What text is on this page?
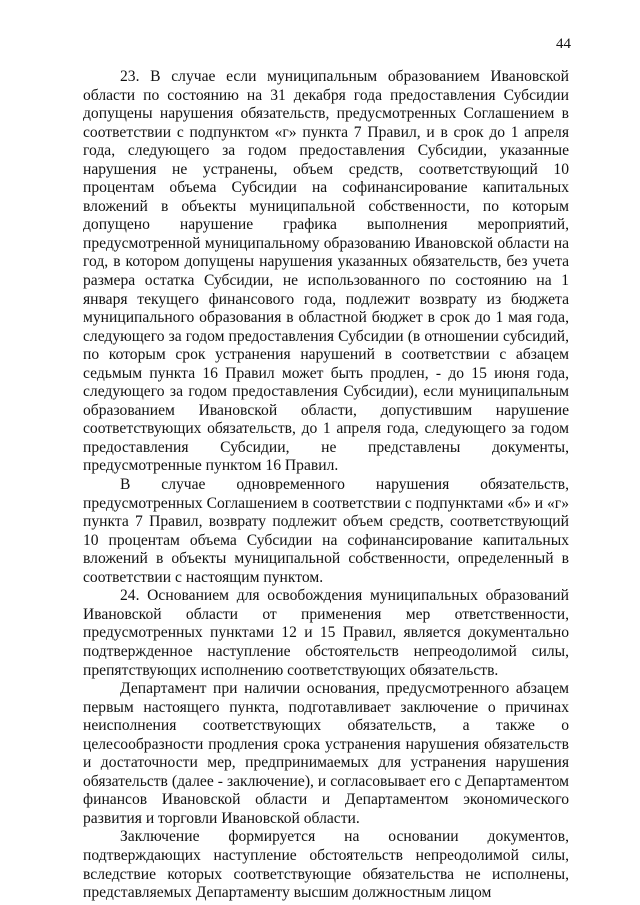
44

23. В случае если муниципальным образованием Ивановской области по состоянию на 31 декабря года предоставления Субсидии допущены нарушения обязательств, предусмотренных Соглашением в соответствии с подпунктом «г» пункта 7 Правил, и в срок до 1 апреля года, следующего за годом предоставления Субсидии, указанные нарушения не устранены, объем средств, соответствующий 10 процентам объема Субсидии на софинансирование капитальных вложений в объекты муниципальной собственности, по которым допущено нарушение графика выполнения мероприятий, предусмотренной муниципальному образованию Ивановской области на год, в котором допущены нарушения указанных обязательств, без учета размера остатка Субсидии, не использованного по состоянию на 1 января текущего финансового года, подлежит возврату из бюджета муниципального образования в областной бюджет в срок до 1 мая года, следующего за годом предоставления Субсидии (в отношении субсидий, по которым срок устранения нарушений в соответствии с абзацем седьмым пункта 16 Правил может быть продлен, - до 15 июня года, следующего за годом предоставления Субсидии), если муниципальным образованием Ивановской области, допустившим нарушение соответствующих обязательств, до 1 апреля года, следующего за годом предоставления Субсидии, не представлены документы, предусмотренные пунктом 16 Правил.

В случае одновременного нарушения обязательств, предусмотренных Соглашением в соответствии с подпунктами «б» и «г» пункта 7 Правил, возврату подлежит объем средств, соответствующий 10 процентам объема Субсидии на софинансирование капитальных вложений в объекты муниципальной собственности, определенный в соответствии с настоящим пунктом.

24. Основанием для освобождения муниципальных образований Ивановской области от применения мер ответственности, предусмотренных пунктами 12 и 15 Правил, является документально подтвержденное наступление обстоятельств непреодолимой силы, препятствующих исполнению соответствующих обязательств.

Департамент при наличии основания, предусмотренного абзацем первым настоящего пункта, подготавливает заключение о причинах неисполнения соответствующих обязательств, а также о целесообразности продления срока устранения нарушения обязательств и достаточности мер, предпринимаемых для устранения нарушения обязательств (далее - заключение), и согласовывает его с Департаментом финансов Ивановской области и Департаментом экономического развития и торговли Ивановской области.

Заключение формируется на основании документов, подтверждающих наступление обстоятельств непреодолимой силы, вследствие которых соответствующие обязательства не исполнены, представляемых Департаменту высшим должностным лицом
